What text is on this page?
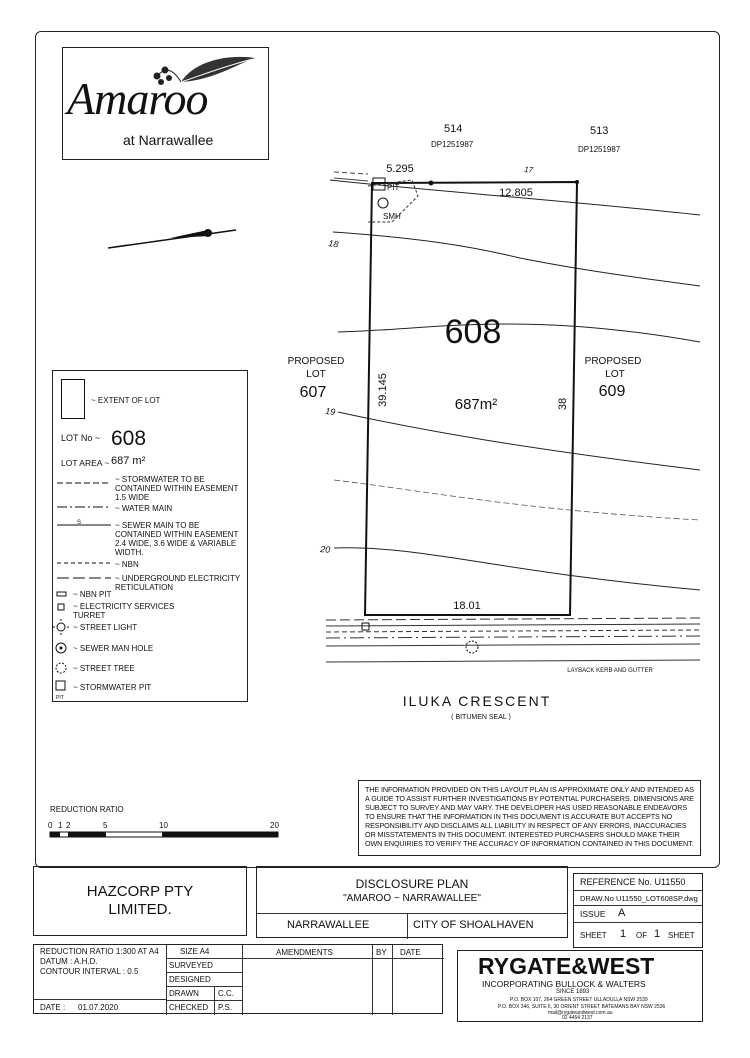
Amaroo
at Narrawallee
18
19
20
17
PIT
SMH
514
DP1251987
513
DP1251987
PROPOSED
LOT
607
PROPOSED
LOT
609
608
687m²
5.295
12.805
39.145	38
18.01
LAYBACK KERB AND GUTTER
ILUKA CRESCENT
( BITUMEN SEAL )
~ EXTENT OF LOT
LOT No ~ 608
LOT AREA ~ 687 m²
S
PIT
~ STORMWATER TO BE CONTAINED WITHIN EASEMENT 1.5 WIDE
~ WATER MAIN
~ SEWER MAIN TO BE CONTAINED WITHIN EASEMENT 2.4 WIDE, 3.6 WIDE & VARIABLE WIDTH.
~ NBN
~ UNDERGROUND ELECTRICITY RETICULATION
~ NBN PIT
~ ELECTRICITY SERVICES TURRET
~ STREET LIGHT
~ SEWER MAN HOLE
~ STREET TREE
~ STORMWATER PIT
THE INFORMATION PROVIDED ON THIS LAYOUT PLAN IS APPROXIMATE ONLY AND INTENDED AS A GUIDE TO ASSIST FURTHER INVESTIGATIONS BY POTENTIAL PURCHASERS. DIMENSIONS ARE SUBJECT TO SURVEY AND MAY VARY. THE DEVELOPER HAS USED REASONABLE ENDEAVORS TO ENSURE THAT THE INFORMATION IN THIS DOCUMENT IS ACCURATE BUT ACCEPTS NO RESPONSIBILITY AND DISCLAIMS ALL LIABILITY IN RESPECT OF ANY ERRORS, INACCURACIES OR MISSTATEMENTS IN THIS DOCUMENT. INTERESTED PURCHASERS SHOULD MAKE THEIR OWN ENQUIRIES TO VERIFY THE ACCURACY OF INFORMATION CONTAINED IN THIS DOCUMENT.
REDUCTION RATIO
0 1 2	5	10	20
HAZCORP PTY LIMITED.
DISCLOSURE PLAN
"AMAROO ~ NARRAWALLEE"
NARRAWALLEE	CITY OF SHOALHAVEN
REFERENCE No. U11550
DRAW.No U11550_LOT608SP.dwg
ISSUE A
SHEET 1 OF 1 SHEET
REDUCTION RATIO 1:300 AT A4
DATUM : A.H.D.
CONTOUR INTERVAL : 0.5
DATE : 01.07.2020
SIZE A4
SURVEYED
DESIGNED
DRAWN C.C.
CHECKED P.S.
AMENDMENTS	BY DATE
RYGATE&WEST
INCORPORATING BULLOCK & WALTERS
SINCE 1893
P.O. BOX 107, 264 GREEN STREET ULLADULLA NSW 2539
P.O. BOX 346, SUITE 6, 30 ORIENT STREET BATEMANS BAY NSW 2536
mail@rygateandwest.com.au
02 4454 2137
